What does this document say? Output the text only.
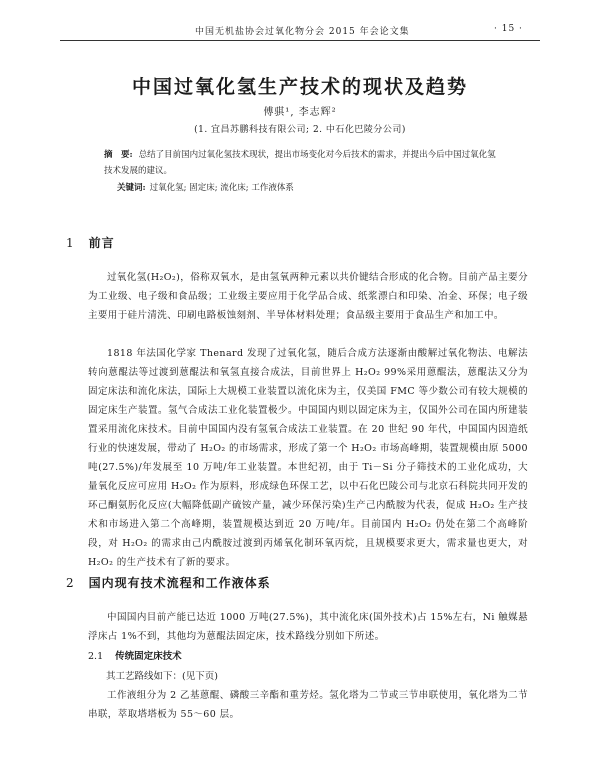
中国无机盐协会过氧化物分会 2015 年会论文集	· 15 ·
中国过氧化氢生产技术的现状及趋势
傅骐¹, 李志辉²
(1. 宜昌苏鹏科技有限公司; 2. 中石化巴陵分公司)
摘　要: 总结了目前国内过氧化氢技术现状，提出市场变化对今后技术的需求，并提出今后中国过氧化氢技术发展的建议。
关键词: 过氧化氢; 固定床; 流化床; 工作液体系
1 前言

过氧化氢(H₂O₂)，俗称双氧水，是由氢氧两种元素以共价键结合形成的化合物。目前产品主要分为工业级、电子级和食品级；工业级主要应用于化学品合成、纸浆漂白和印染、冶金、环保；电子级主要用于硅片清洗、印刷电路板蚀刻剂、半导体材料处理；食品级主要用于食品生产和加工中。

1818 年法国化学家 Thenard 发现了过氧化氢，随后合成方法逐渐由酸解过氧化物法、电解法转向蒽醌法等过渡到蒽醌法和氧氢直接合成法，目前世界上 H₂O₂ 99%采用蒽醌法，蒽醌法又分为固定床法和流化床法，国际上大规模工业装置以流化床为主，仅美国 FMC 等少数公司有较大规模的固定床生产装置。氢气合成法工业化装置极少。中国国内则以固定床为主，仅国外公司在国内所建装置采用流化床技术。目前中国国内没有氢氧合成法工业装置。在 20 世纪 90 年代，中国国内因造纸行业的快速发展，带动了 H₂O₂ 的市场需求，形成了第一个 H₂O₂ 市场高峰期，装置规模由原 5000 吨(27.5%)/年发展至 10 万吨/年工业装置。本世纪初，由于 Ti－Si 分子筛技术的工业化成功，大量氧化反应可应用 H₂O₂ 作为原料，形成绿色环保工艺，以中石化巴陵公司与北京石科院共同开发的环己酮氨肟化反应(大幅降低副产硫铵产量，减少环保污染)生产己内酰胺为代表，促成 H₂O₂ 生产技术和市场进入第二个高峰期，装置规模达到近 20 万吨/年。目前国内 H₂O₂ 仍处在第二个高峰阶段，对 H₂O₂ 的需求由己内酰胺过渡到丙烯氧化制环氧丙烷，且规模要求更大，需求量也更大，对 H₂O₂ 的生产技术有了新的要求。

2 国内现有技术流程和工作液体系

中国国内目前产能已达近 1000 万吨(27.5%)，其中流化床(国外技术)占 15%左右，Ni 触媒悬浮床占 1%不到，其他均为蒽醌法固定床，技术路线分别如下所述。

2.1 传统固定床技术

其工艺路线如下：(见下页)

工作液组分为 2 乙基蒽醌、磷酸三辛酯和重芳烃。氢化塔为二节或三节串联使用，氧化塔为二节串联，萃取塔塔板为 55～60 层。
